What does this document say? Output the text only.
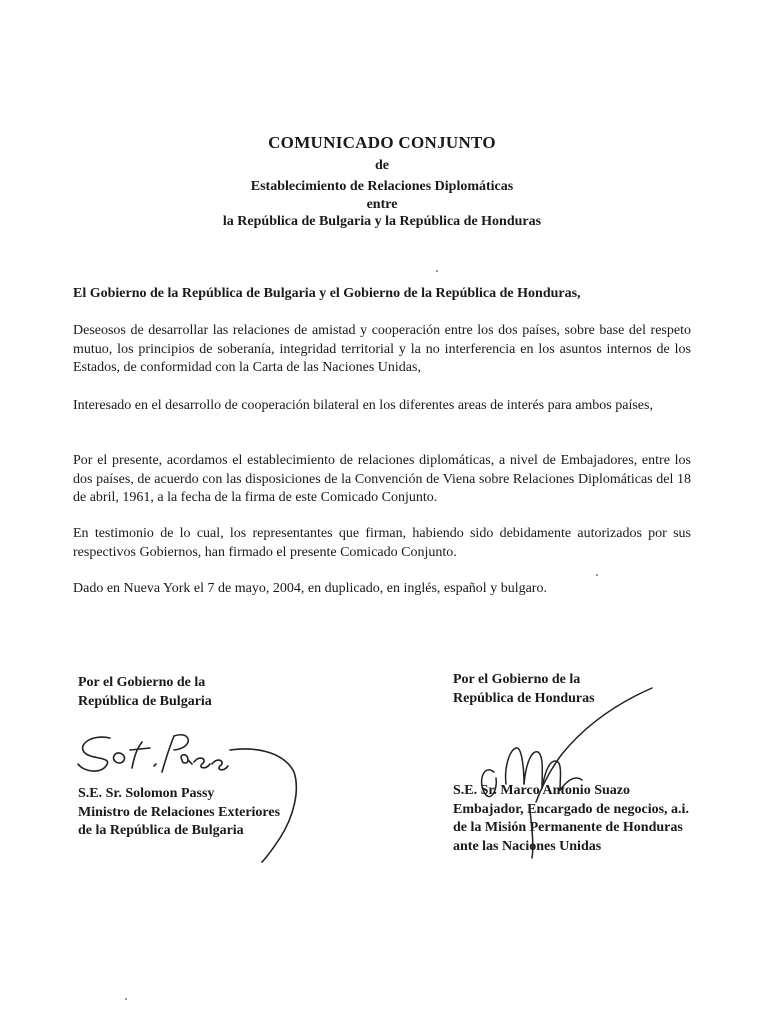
COMUNICADO CONJUNTO

de

Establecimiento de Relaciones Diplomáticas

entre

la República de Bulgaria y la República de Honduras

El Gobierno de la República de Bulgaria y el Gobierno de la República de Honduras,

Deseosos de desarrollar las relaciones de amistad y cooperación entre los dos países, sobre base del respeto mutuo, los principios de soberanía, integridad territorial y la no interferencia en los asuntos internos de los Estados, de conformidad con la Carta de las Naciones Unidas,

Interesado en el desarrollo de cooperación bilateral en los diferentes areas de interés para ambos países,

Por el presente, acordamos el establecimiento de relaciones diplomáticas, a nivel de Embajadores, entre los dos países, de acuerdo con las disposiciones de la Convención de Viena sobre Relaciones Diplomáticas del 18 de abril, 1961, a la fecha de la firma de este Comicado Conjunto.

En testimonio de lo cual, los representantes que firman, habiendo sido debidamente autorizados por sus respectivos Gobiernos, han firmado el presente Comicado Conjunto.

Dado en Nueva York el 7 de mayo, 2004, en duplicado, en inglés, español y bulgaro.

Por el Gobierno de la
República de Bulgaria
Por el Gobierno de la
República de Honduras
S.E. Sr. Solomon Passy
Ministro de Relaciones Exteriores
de la República de Bulgaria
S.E. Sr. Marco Antonio Suazo
Embajador, Encargado de negocios, a.i.
de la Misión Permanente de Honduras
ante las Naciones Unidas
